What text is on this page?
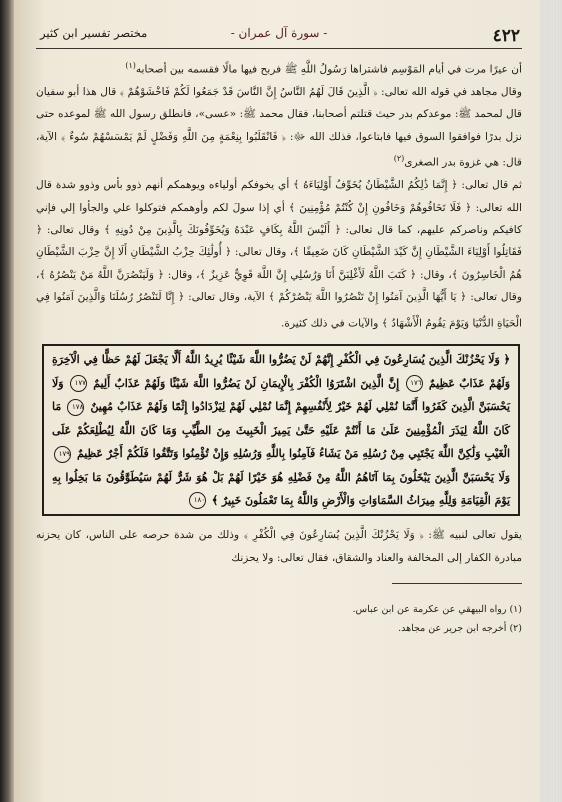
٤٢٢
- سورة آل عمران -
مختصر تفسير ابن كثير

أن عيرًا مرت في أيام المَوْسِم فاشتراها رَسُولُ اللَّهِ ﷺ فربح فيها مالًا فقسمه بين أصحابه$^{(١)}$

وقال مجاهد في قوله الله تعالى: ﴿ الَّذِينَ قَالَ لَهُمُ النَّاسُ إِنَّ النَّاسَ قَدْ جَمَعُوا لَكُمْ فَاخْشَوْهُمْ ﴾ قال هذا أبو سفيان قال لمحمد ﷺ: موعدكم بدر حيث قتلتم أصحابنا، فقال محمد ﷺ: «عسى»، فانطلق رسول الله ﷺ لموعده حتى نزل بدرًا فوافقوا السوق فيها فابتاعوا، فذلك الله ﷻ: ﴿ فَانْقَلَبُوا بِنِعْمَةٍ مِنَ اللَّهِ وَفَضْلٍ لَمْ يَمْسَسْهُمْ سُوءٌ ﴾ الآية، قال: هي غزوة بدر الصغرى$^{(٢)}$

ثم قال تعالى: ﴿ إِنَّمَا ذَٰلِكُمُ الشَّيْطَانُ يُخَوِّفُ أَوْلِيَاءَهُ ﴾ أي يخوفكم أولياءه ويوهمكم أنهم ذوو بأس وذوو شدة قال الله تعالى: ﴿ فَلَا تَخَافُوهُمْ وَخَافُونِ إِنْ كُنْتُمْ مُؤْمِنِينَ ﴾ أي إذا سولَ لكم وأوهمكم فتوكلوا علي والجأوا إلي فإني كافيكم وناصركم عليهم، كما قال تعالى: ﴿ أَلَيْسَ اللَّهُ بِكَافٍ عَبْدَهُ وَيُخَوِّفُونَكَ بِالَّذِينَ مِنْ دُونِهِ ﴾ وقال تعالى: ﴿ فَقَاتِلُوا أَوْلِيَاءَ الشَّيْطَانِ إِنَّ كَيْدَ الشَّيْطَانِ كَانَ ضَعِيفًا ﴾، وقال تعالى: ﴿ أُولَٰئِكَ حِزْبُ الشَّيْطَانِ أَلَا إِنَّ حِزْبَ الشَّيْطَانِ هُمُ الْخَاسِرُونَ ﴾، وقال: ﴿ كَتَبَ اللَّهُ لَأَغْلِبَنَّ أَنَا وَرُسُلِي إِنَّ اللَّهَ قَوِيٌّ عَزِيزٌ ﴾، وقال: ﴿ وَلَيَنْصُرَنَّ اللَّهُ مَنْ يَنْصُرُهُ ﴾، وقال تعالى: ﴿ يَا أَيُّهَا الَّذِينَ آمَنُوا إِنْ تَنْصُرُوا اللَّهَ يَنْصُرْكُمْ ﴾ الآية، وقال تعالى: ﴿ إِنَّا لَنَنْصُرُ رُسُلَنَا وَالَّذِينَ آمَنُوا فِي الْحَيَاةِ الدُّنْيَا وَيَوْمَ يَقُومُ الْأَشْهَادُ ﴾ والآيات في ذلك كثيرة.

﴿ وَلَا يَحْزُنْكَ الَّذِينَ يُسَارِعُونَ فِي الْكُفْرِ إِنَّهُمْ لَنْ يَضُرُّوا اللَّهَ شَيْئًا يُرِيدُ اللَّهُ أَلَّا يَجْعَلَ لَهُمْ حَظًّا فِي الْآخِرَةِ وَلَهُمْ عَذَابٌ عَظِيمٌ ١٧٦ إِنَّ الَّذِينَ اشْتَرَوُا الْكُفْرَ بِالْإِيمَانِ لَنْ يَضُرُّوا اللَّهَ شَيْئًا وَلَهُمْ عَذَابٌ أَلِيمٌ ١٧٧ وَلَا يَحْسَبَنَّ الَّذِينَ كَفَرُوا أَنَّمَا نُمْلِي لَهُمْ خَيْرٌ لِأَنْفُسِهِمْ إِنَّمَا نُمْلِي لَهُمْ لِيَزْدَادُوا إِثْمًا وَلَهُمْ عَذَابٌ مُهِينٌ ١٧٨ مَا كَانَ اللَّهُ لِيَذَرَ الْمُؤْمِنِينَ عَلَىٰ مَا أَنْتُمْ عَلَيْهِ حَتَّىٰ يَمِيزَ الْخَبِيثَ مِنَ الطَّيِّبِ وَمَا كَانَ اللَّهُ لِيُطْلِعَكُمْ عَلَى الْغَيْبِ وَلَٰكِنَّ اللَّهَ يَجْتَبِي مِنْ رُسُلِهِ مَنْ يَشَاءُ فَآمِنُوا بِاللَّهِ وَرُسُلِهِ وَإِنْ تُؤْمِنُوا وَتَتَّقُوا فَلَكُمْ أَجْرٌ عَظِيمٌ ١٧٩ وَلَا يَحْسَبَنَّ الَّذِينَ يَبْخَلُونَ بِمَا آتَاهُمُ اللَّهُ مِنْ فَضْلِهِ هُوَ خَيْرًا لَهُمْ بَلْ هُوَ شَرٌّ لَهُمْ سَيُطَوَّقُونَ مَا بَخِلُوا بِهِ يَوْمَ الْقِيَامَةِ وَلِلَّهِ مِيرَاثُ السَّمَاوَاتِ وَالْأَرْضِ وَاللَّهُ بِمَا تَعْمَلُونَ خَبِيرٌ ﴾ ١٨٠

يقول تعالى لنبيه ﷺ: ﴿ وَلَا يَحْزُنْكَ الَّذِينَ يُسَارِعُونَ فِي الْكُفْرِ ﴾ وذلك من شدة حرصه على الناس، كان يحزنه مبادرة الكفار إلى المخالفة والعناد والشقاق، فقال تعالى: ولا يحزنك

(١) رواه البيهقي عن عكرمة عن ابن عباس.
(٢) أخرجه ابن جرير عن مجاهد.
